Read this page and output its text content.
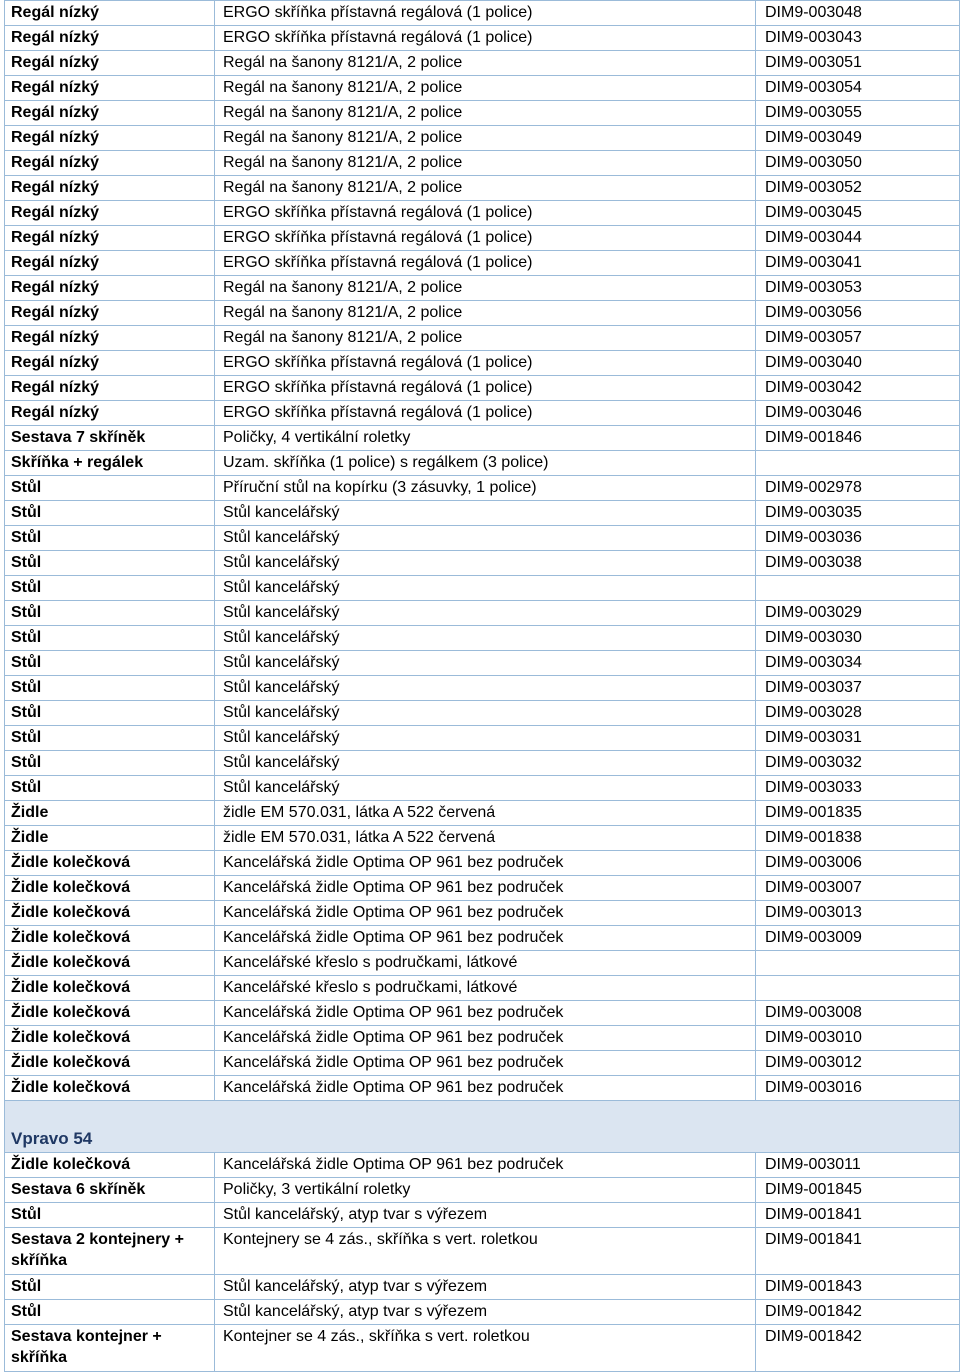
Regál nízký	ERGO skříňka přístavná regálová (1 police)	DIM9-003048
Regál nízký	ERGO skříňka přístavná regálová (1 police)	DIM9-003043
Regál nízký	Regál na šanony 8121/A, 2 police	DIM9-003051
Regál nízký	Regál na šanony 8121/A, 2 police	DIM9-003054
Regál nízký	Regál na šanony 8121/A, 2 police	DIM9-003055
Regál nízký	Regál na šanony 8121/A, 2 police	DIM9-003049
Regál nízký	Regál na šanony 8121/A, 2 police	DIM9-003050
Regál nízký	Regál na šanony 8121/A, 2 police	DIM9-003052
Regál nízký	ERGO skříňka přístavná regálová (1 police)	DIM9-003045
Regál nízký	ERGO skříňka přístavná regálová (1 police)	DIM9-003044
Regál nízký	ERGO skříňka přístavná regálová (1 police)	DIM9-003041
Regál nízký	Regál na šanony 8121/A, 2 police	DIM9-003053
Regál nízký	Regál na šanony 8121/A, 2 police	DIM9-003056
Regál nízký	Regál na šanony 8121/A, 2 police	DIM9-003057
Regál nízký	ERGO skříňka přístavná regálová (1 police)	DIM9-003040
Regál nízký	ERGO skříňka přístavná regálová (1 police)	DIM9-003042
Regál nízký	ERGO skříňka přístavná regálová (1 police)	DIM9-003046
Sestava 7 skříněk	Poličky, 4 vertikální roletky	DIM9-001846
Skříňka + regálek	Uzam. skříňka (1 police) s regálkem (3 police)	
Stůl	Příruční stůl na kopírku (3 zásuvky, 1 police)	DIM9-002978
Stůl	Stůl kancelářský	DIM9-003035
Stůl	Stůl kancelářský	DIM9-003036
Stůl	Stůl kancelářský	DIM9-003038
Stůl	Stůl kancelářský	
Stůl	Stůl kancelářský	DIM9-003029
Stůl	Stůl kancelářský	DIM9-003030
Stůl	Stůl kancelářský	DIM9-003034
Stůl	Stůl kancelářský	DIM9-003037
Stůl	Stůl kancelářský	DIM9-003028
Stůl	Stůl kancelářský	DIM9-003031
Stůl	Stůl kancelářský	DIM9-003032
Stůl	Stůl kancelářský	DIM9-003033
Židle	židle EM 570.031, látka A 522 červená	DIM9-001835
Židle	židle EM 570.031, látka A 522 červená	DIM9-001838
Židle kolečková	Kancelářská židle Optima OP 961 bez područek	DIM9-003006
Židle kolečková	Kancelářská židle Optima OP 961 bez područek	DIM9-003007
Židle kolečková	Kancelářská židle Optima OP 961 bez područek	DIM9-003013
Židle kolečková	Kancelářská židle Optima OP 961 bez područek	DIM9-003009
Židle kolečková	Kancelářské křeslo s područkami, látkové	
Židle kolečková	Kancelářské křeslo s područkami, látkové	
Židle kolečková	Kancelářská židle Optima OP 961 bez područek	DIM9-003008
Židle kolečková	Kancelářská židle Optima OP 961 bez područek	DIM9-003010
Židle kolečková	Kancelářská židle Optima OP 961 bez područek	DIM9-003012
Židle kolečková	Kancelářská židle Optima OP 961 bez područek	DIM9-003016
Vpravo 54		
Židle kolečková	Kancelářská židle Optima OP 961 bez područek	DIM9-003011
Sestava 6 skříněk	Poličky, 3 vertikální roletky	DIM9-001845
Stůl	Stůl kancelářský, atyp tvar s výřezem	DIM9-001841
Sestava 2 kontejnery + skříňka	Kontejnery se 4 zás., skříňka s vert. roletkou	DIM9-001841
Stůl	Stůl kancelářský, atyp tvar s výřezem	DIM9-001843
Stůl	Stůl kancelářský, atyp tvar s výřezem	DIM9-001842
Sestava kontejner + skříňka	Kontejner se 4 zás., skříňka s vert. roletkou	DIM9-001842
